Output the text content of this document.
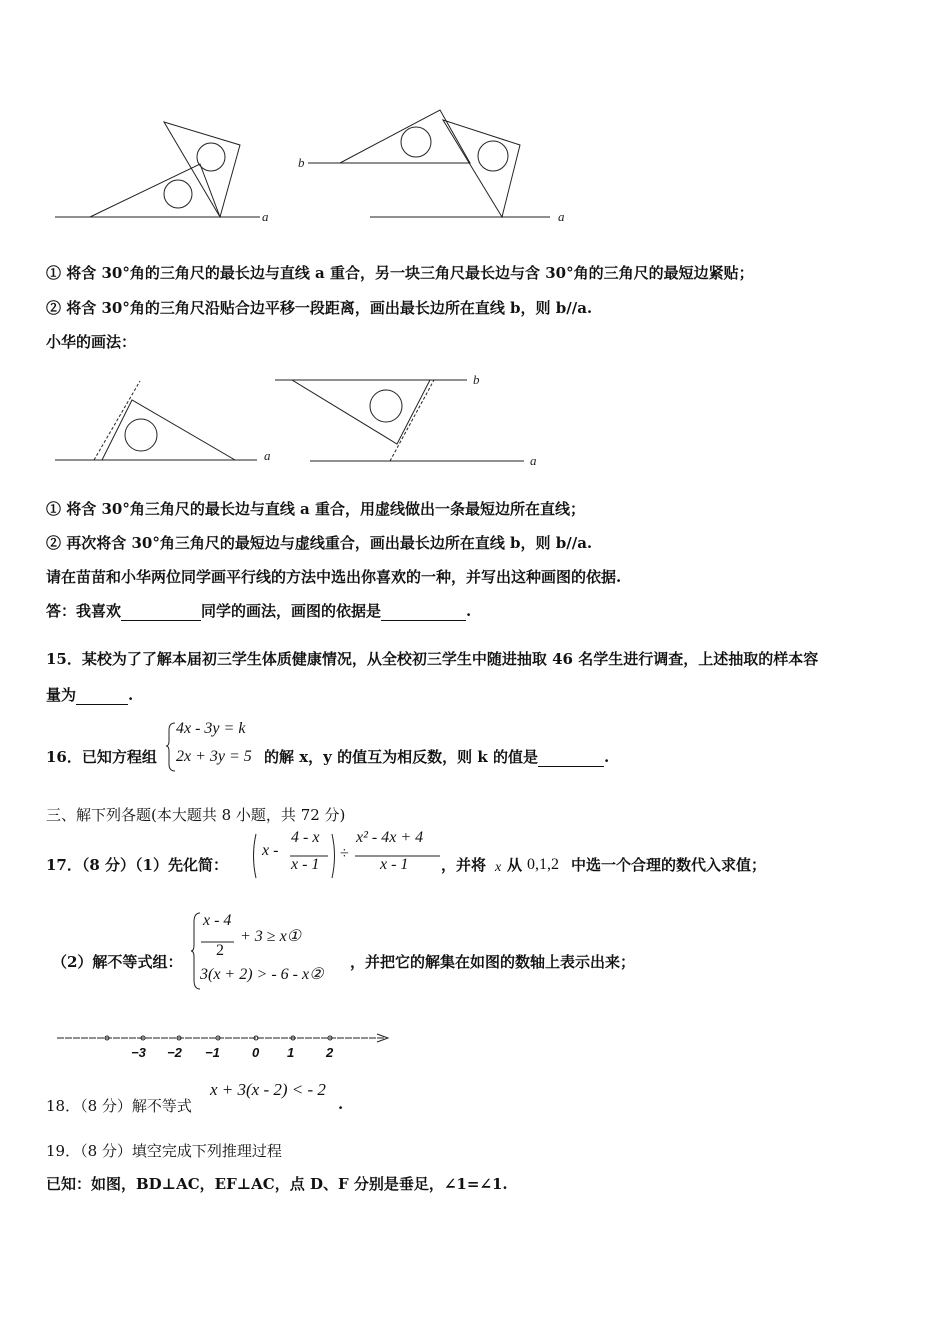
a
b
a
① 将含 30°角的三角尺的最长边与直线 a 重合，另一块三角尺最长边与含 30°角的三角尺的最短边紧贴；
② 将含 30°角的三角尺沿贴合边平移一段距离，画出最长边所在直线 b，则 b//a.
小华的画法：
a
b
a
① 将含 30°角三角尺的最长边与直线 a 重合，用虚线做出一条最短边所在直线；
② 再次将含 30°角三角尺的最短边与虚线重合，画出最长边所在直线 b，则 b//a.
请在苗苗和小华两位同学画平行线的方法中选出你喜欢的一种，并写出这种画图的依据.
答：我喜欢	同学的画法，画图的依据是	.
15．某校为了了解本届初三学生体质健康情况，从全校初三学生中随进抽取 46 名学生进行调查，上述抽取的样本容
量为	.
16．已知方程组
4x - 3y = k
2x + 3y = 5 的解 x，y 的值互为相反数，则 k 的值是	.
三、解下列各题(本大题共 8 小题，共 72 分)
17．（8 分）（1）先化简：
x -
4 - x
x - 1
÷
x² - 4x + 4
x - 1 ，并将 x 从 0,1,2 中选一个合理的数代入求值；
（2）解不等式组：
x - 4
2
+ 3 ≥ x①
3(x + 2) > - 6 - x②
，并把它的解集在如图的数轴上表示出来；
−3 −2 −1 0 1 2
18．（8 分）解不等式
x + 3(x - 2) < - 2
.
19．（8 分）填空完成下列推理过程
已知：如图，BD⊥AC，EF⊥AC，点 D、F 分别是垂足，∠1=∠1.
